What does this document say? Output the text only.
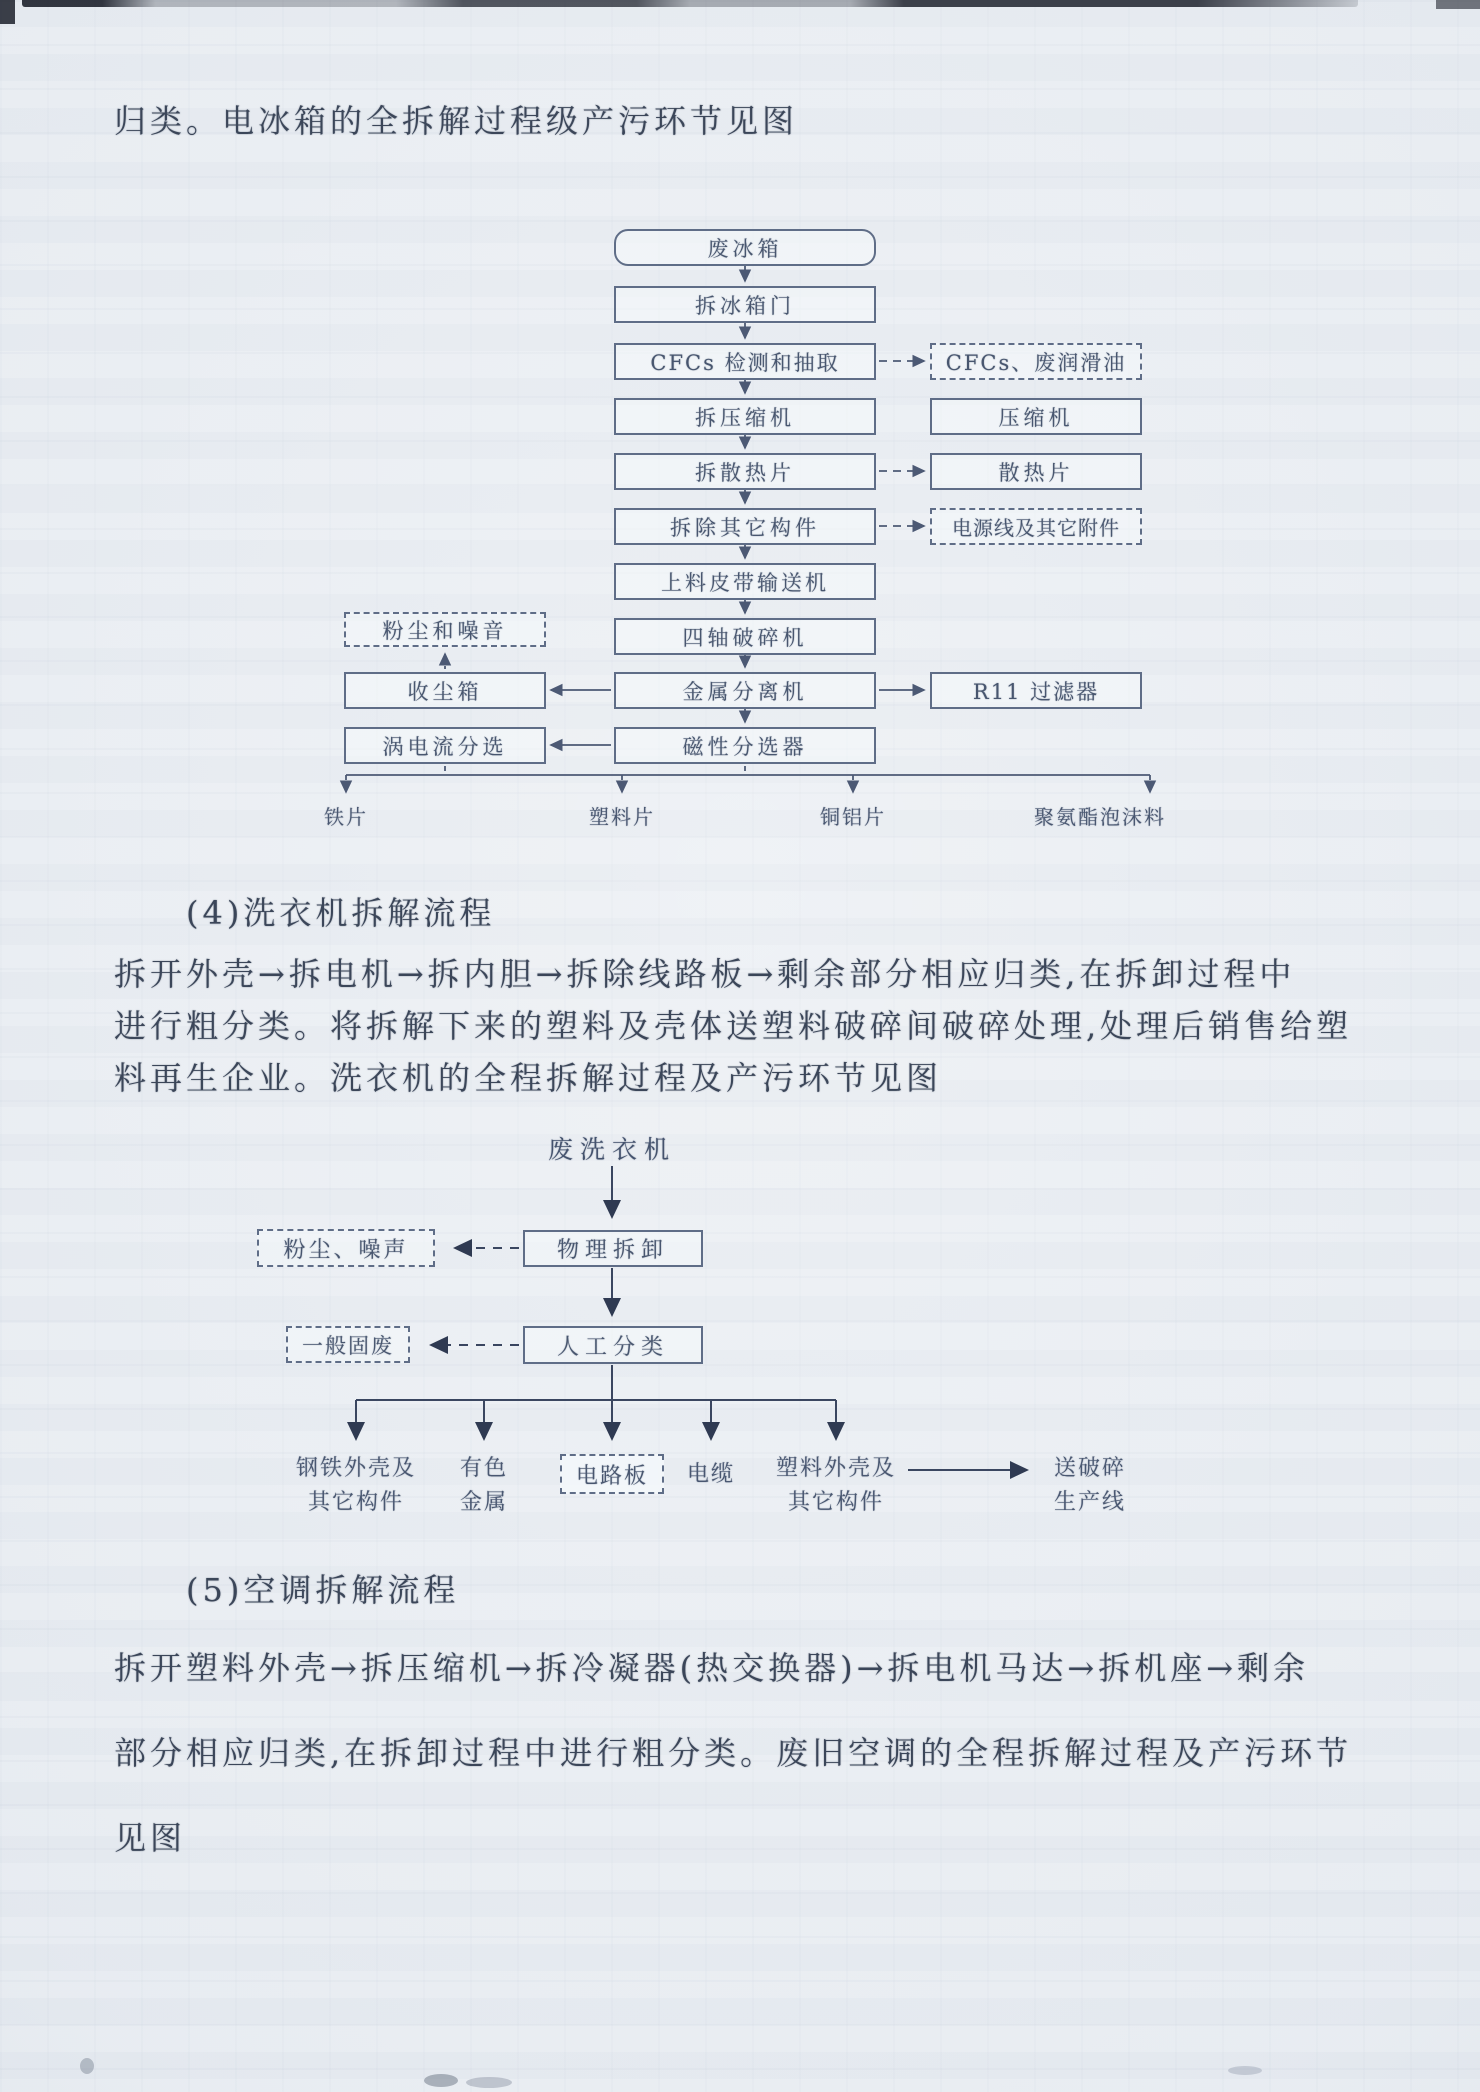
归类。电冰箱的全拆解过程级产污环节见图
废冰箱
拆冰箱门
CFCs 检测和抽取
拆压缩机
拆散热片
拆除其它构件
上料皮带输送机
四轴破碎机
金属分离机
磁性分选器
CFCs、废润滑油
压缩机
散热片
电源线及其它附件
R11 过滤器
粉尘和噪音
收尘箱
涡电流分选
铁片	塑料片	铜铝片	聚氨酯泡沫料
(4)洗衣机拆解流程
拆开外壳→拆电机→拆内胆→拆除线路板→剩余部分相应归类,在拆卸过程中
进行粗分类。将拆解下来的塑料及壳体送塑料破碎间破碎处理,处理后销售给塑
料再生企业。洗衣机的全程拆解过程及产污环节见图
废洗衣机
物理拆卸
粉尘、噪声
人工分类
一般固废
钢铁外壳及
其它构件
有色
金属
电路板	电缆 塑料外壳及
其它构件
送破碎
生产线
(5)空调拆解流程
拆开塑料外壳→拆压缩机→拆冷凝器(热交换器)→拆电机马达→拆机座→剩余
部分相应归类,在拆卸过程中进行粗分类。废旧空调的全程拆解过程及产污环节
见图
